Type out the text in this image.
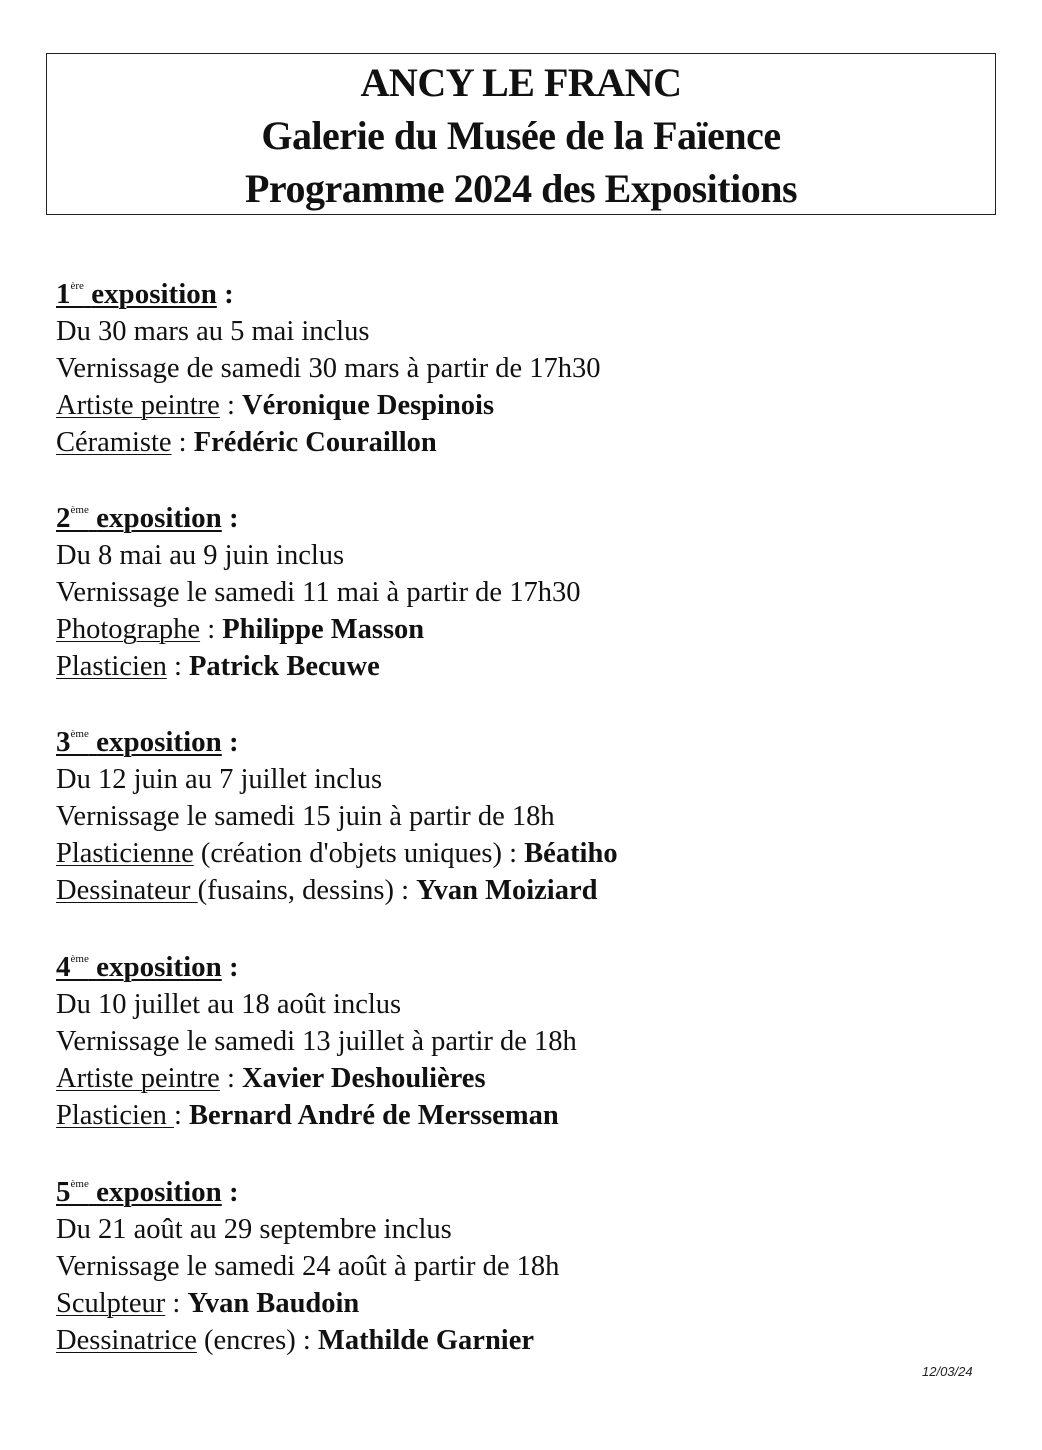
ANCY LE FRANC
Galerie du Musée de la Faïence
Programme 2024 des Expositions
1ère exposition :
Du 30 mars au 5 mai inclus
Vernissage de samedi 30 mars à partir de 17h30
Artiste peintre : Véronique Despinois
Céramiste : Frédéric Couraillon
2ème exposition :
Du 8 mai au 9 juin inclus
Vernissage le samedi 11 mai à partir de 17h30
Photographe : Philippe Masson
Plasticien : Patrick Becuwe
3ème exposition :
Du 12 juin au 7 juillet inclus
Vernissage le samedi 15 juin à partir de 18h
Plasticienne (création d'objets uniques) : Béatiho
Dessinateur (fusains, dessins) : Yvan Moiziard
4ème exposition :
Du 10 juillet au 18 août inclus
Vernissage le samedi 13 juillet à partir de 18h
Artiste peintre : Xavier Deshoulières
Plasticien : Bernard André de Mersseman
5ème exposition :
Du 21 août au 29 septembre inclus
Vernissage le samedi 24 août à partir de 18h
Sculpteur : Yvan Baudoin
Dessinatrice (encres) : Mathilde Garnier
12/03/24
